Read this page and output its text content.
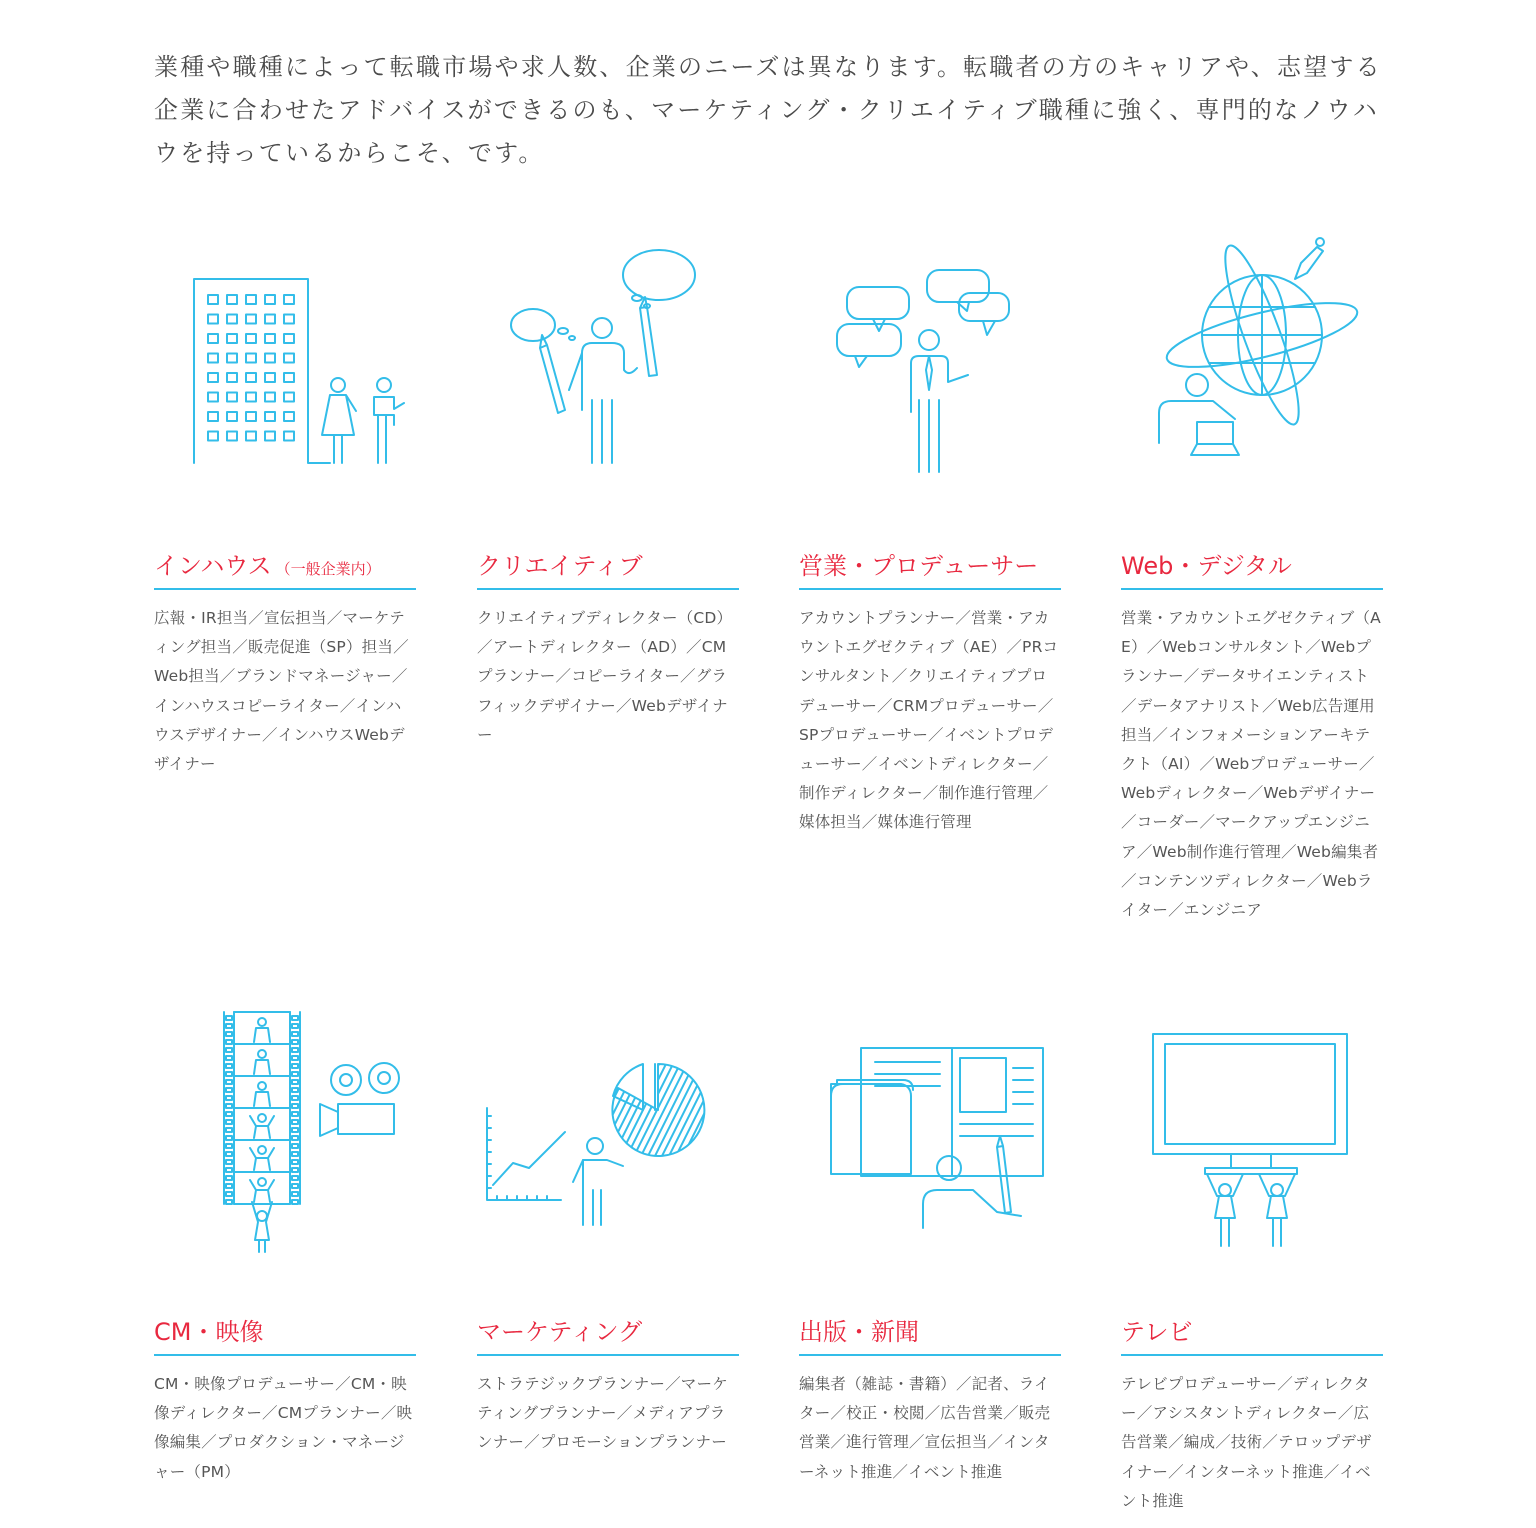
業種や職種によって転職市場や求人数、企業のニーズは異なります。転職者の方のキャリアや、志望する企業に合わせたアドバイスができるのも、マーケティング・クリエイティブ職種に強く、専門的なノウハウを持っているからこそ、です。

インハウス （一般企業内）
広報・IR担当／宣伝担当／マーケティング担当／販売促進（SP）担当／Web担当／ブランドマネージャー／インハウスコピーライター／インハウスデザイナー／インハウスWebデザイナー
クリエイティブ
クリエイティブディレクター（CD）／アートディレクター（AD）／CMプランナー／コピーライター／グラフィックデザイナー／Webデザイナー
営業・プロデューサー
アカウントプランナー／営業・アカウントエグゼクティブ（AE）／PRコンサルタント／クリエイティブプロデューサー／CRMプロデューサー／SPプロデューサー／イベントプロデューサー／イベントディレクター／制作ディレクター／制作進行管理／媒体担当／媒体進行管理
Web・デジタル
営業・アカウントエグゼクティブ（AE）／Webコンサルタント／Webプランナー／データサイエンティスト／データアナリスト／Web広告運用担当／インフォメーションアーキテクト（AI）／Webプロデューサー／Webディレクター／Webデザイナー／コーダー／マークアップエンジニア／Web制作進行管理／Web編集者／コンテンツディレクター／Webライター／エンジニア
CM・映像
CM・映像プロデューサー／CM・映像ディレクター／CMプランナー／映像編集／プロダクション・マネージャー（PM）
マーケティング
ストラテジックプランナー／マーケティングプランナー／メディアプランナー／プロモーションプランナー
出版・新聞
編集者（雑誌・書籍）／記者、ライター／校正・校閲／広告営業／販売営業／進行管理／宣伝担当／インターネット推進／イベント推進
テレビ
テレビプロデューサー／ディレクター／アシスタントディレクター／広告営業／編成／技術／テロップデザイナー／インターネット推進／イベント推進
